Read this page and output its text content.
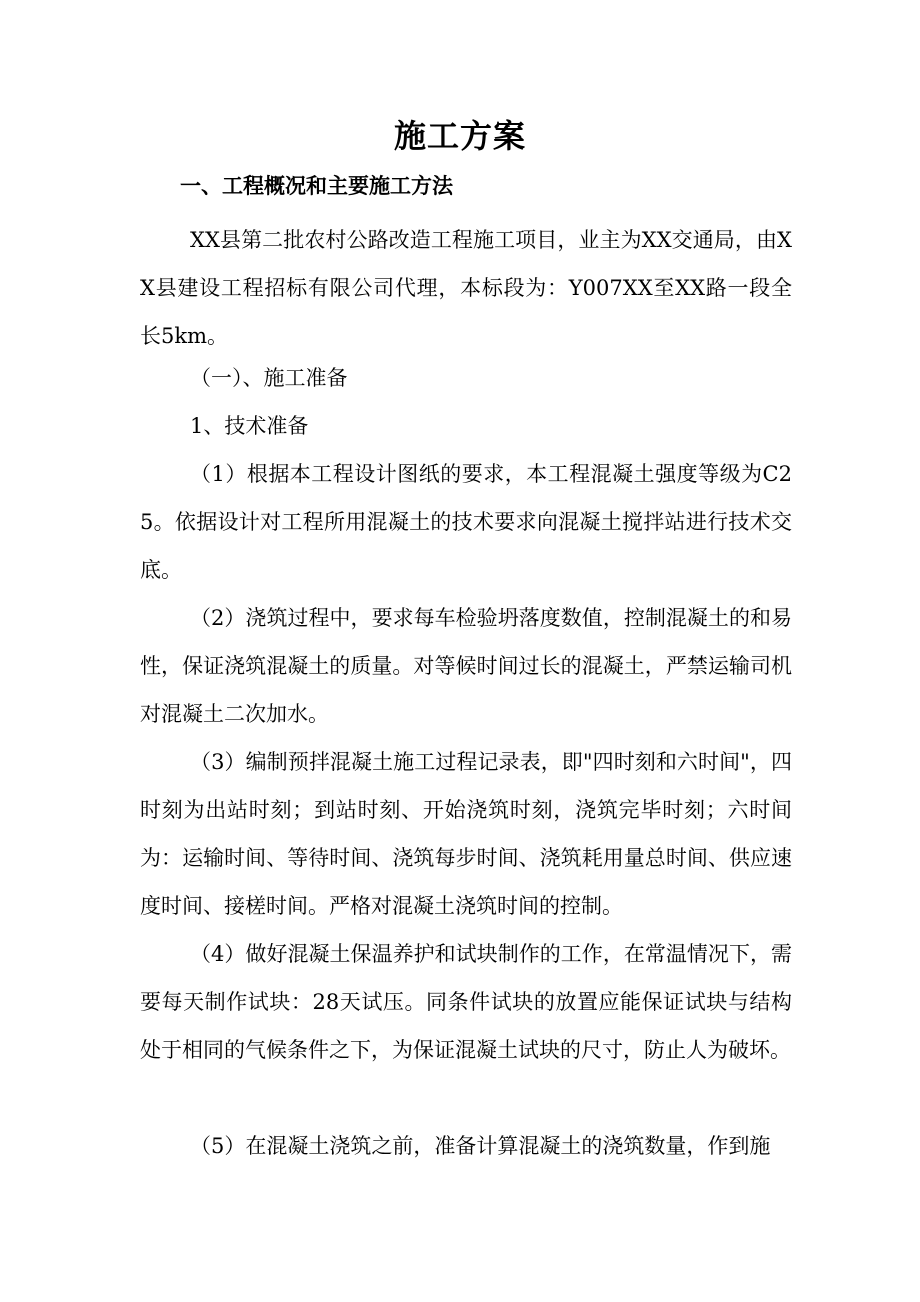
施工方案
一、工程概况和主要施工方法

XX县第二批农村公路改造工程施工项目，业主为XX交通局，由XX县建设工程招标有限公司代理，本标段为：Y007XX至XX路一段全长5km。

（一）、施工准备

1、技术准备

（1）根据本工程设计图纸的要求，本工程混凝土强度等级为C25。依据设计对工程所用混凝土的技术要求向混凝土搅拌站进行技术交底。

（2）浇筑过程中，要求每车检验坍落度数值，控制混凝土的和易性，保证浇筑混凝土的质量。对等候时间过长的混凝土，严禁运输司机对混凝土二次加水。

（3）编制预拌混凝土施工过程记录表，即"四时刻和六时间"，四时刻为出站时刻；到站时刻、开始浇筑时刻，浇筑完毕时刻；六时间为：运输时间、等待时间、浇筑每步时间、浇筑耗用量总时间、供应速度时间、接槎时间。严格对混凝土浇筑时间的控制。

（4）做好混凝土保温养护和试块制作的工作，在常温情况下，需要每天制作试块：28天试压。同条件试块的放置应能保证试块与结构处于相同的气候条件之下，为保证混凝土试块的尺寸，防止人为破坏。

（5）在混凝土浇筑之前，准备计算混凝土的浇筑数量，作到施
